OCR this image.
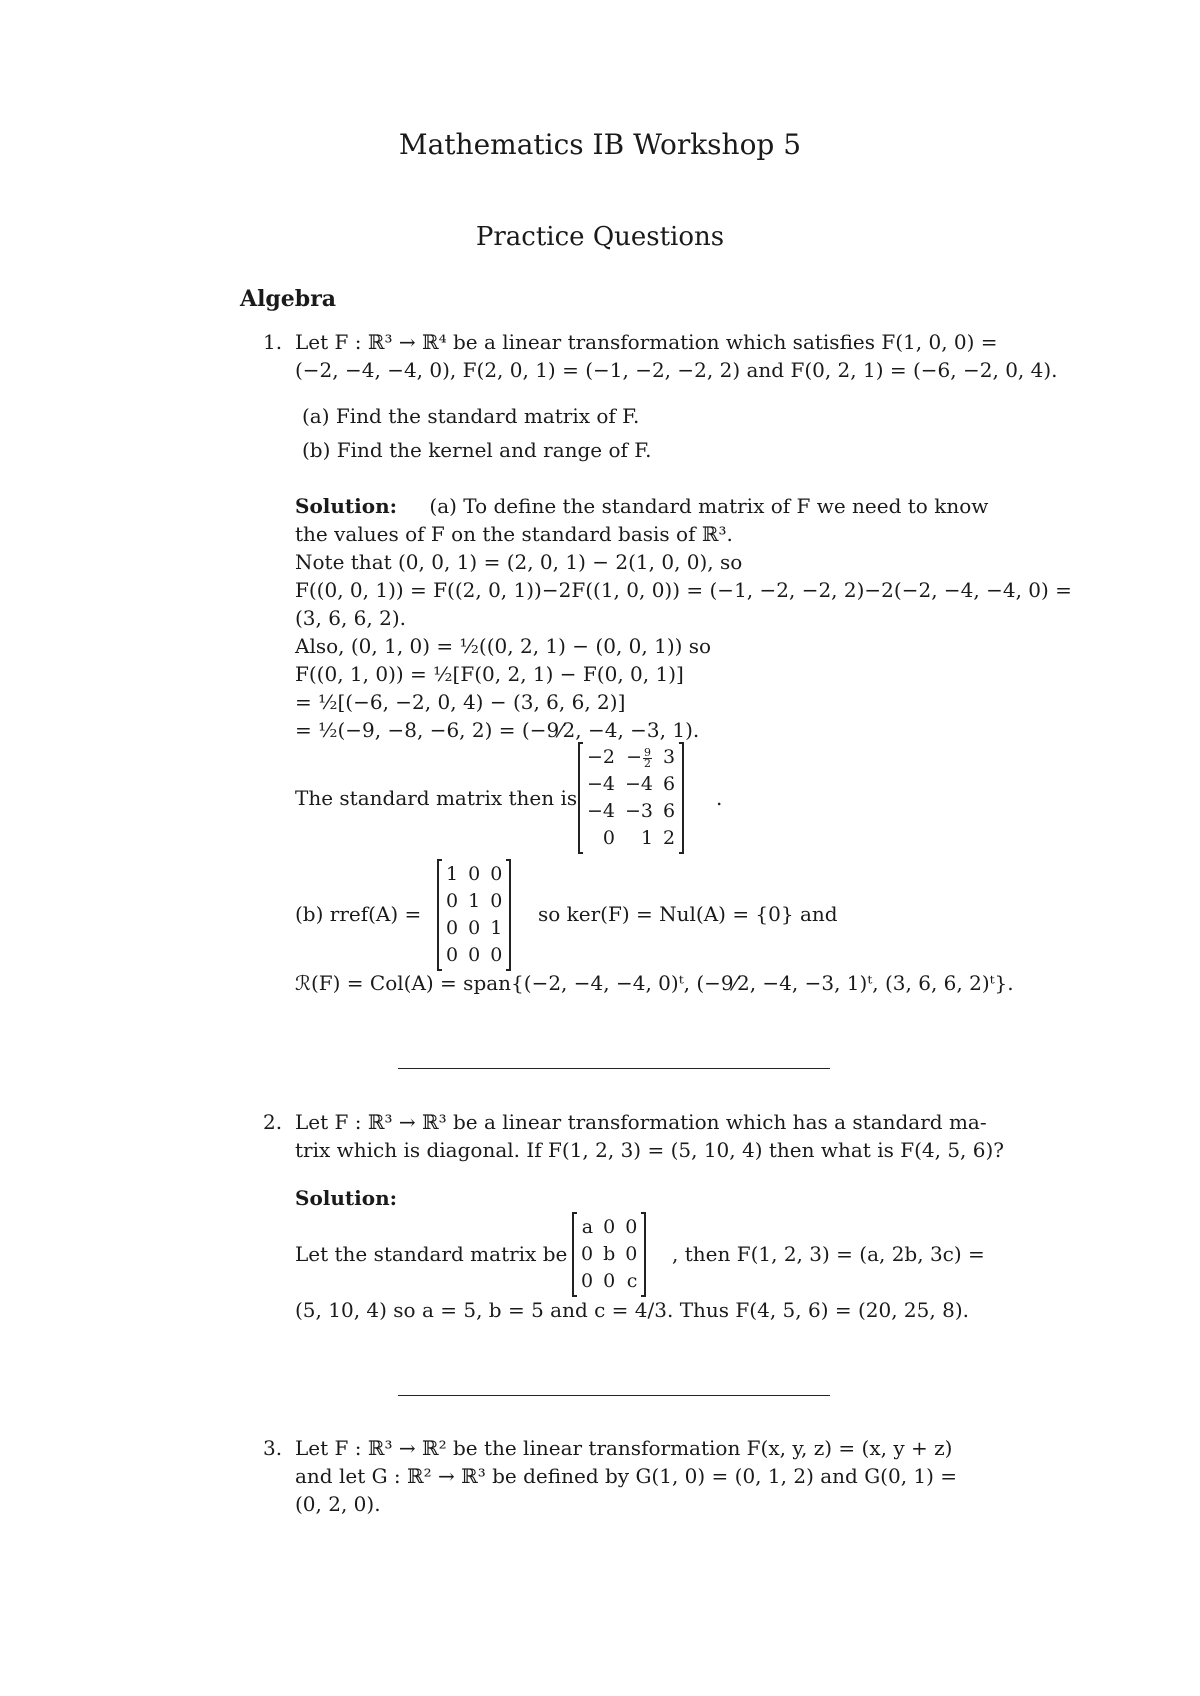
Mathematics IB Workshop 5
Practice Questions
Algebra
1. Let F : ℝ³ → ℝ⁴ be a linear transformation which satisfies F(1, 0, 0) =
(−2, −4, −4, 0), F(2, 0, 1) = (−1, −2, −2, 2) and F(0, 2, 1) = (−6, −2, 0, 4).
(a) Find the standard matrix of F.
(b) Find the kernel and range of F.
Solution: (a) To define the standard matrix of F we need to know
the values of F on the standard basis of ℝ³.
Note that (0, 0, 1) = (2, 0, 1) − 2(1, 0, 0), so
F((0, 0, 1)) = F((2, 0, 1))−2F((1, 0, 0)) = (−1, −2, −2, 2)−2(−2, −4, −4, 0) =
(3, 6, 6, 2).
Also, (0, 1, 0) = ½((0, 2, 1) − (0, 0, 1)) so
F((0, 1, 0)) = ½[F(0, 2, 1) − F(0, 0, 1)]
= ½[(−6, −2, 0, 4) − (3, 6, 6, 2)]
= ½(−9, −8, −6, 2) = (−9⁄2, −4, −3, 1).
The standard matrix then is
−2	− $\frac{9}{2}$	3
−4	−4	6
−4	−3	6
0	1	2
.
(b) rref(A) =
1	0	0
0	1	0
0	0	1
0	0	0
so ker(F) = Nul(A) = {0} and
ℛ(F) = Col(A) = span{(−2, −4, −4, 0)ᵗ, (−9⁄2, −4, −3, 1)ᵗ, (3, 6, 6, 2)ᵗ}.
2. Let F : ℝ³ → ℝ³ be a linear transformation which has a standard ma-
trix which is diagonal. If F(1, 2, 3) = (5, 10, 4) then what is F(4, 5, 6)?
Solution:
Let the standard matrix be
a	0	0
0	b	0
0	0	c
, then F(1, 2, 3) = (a, 2b, 3c) =
(5, 10, 4) so a = 5, b = 5 and c = 4/3. Thus F(4, 5, 6) = (20, 25, 8).
3. Let F : ℝ³ → ℝ² be the linear transformation F(x, y, z) = (x, y + z)
and let G : ℝ² → ℝ³ be defined by G(1, 0) = (0, 1, 2) and G(0, 1) =
(0, 2, 0).
